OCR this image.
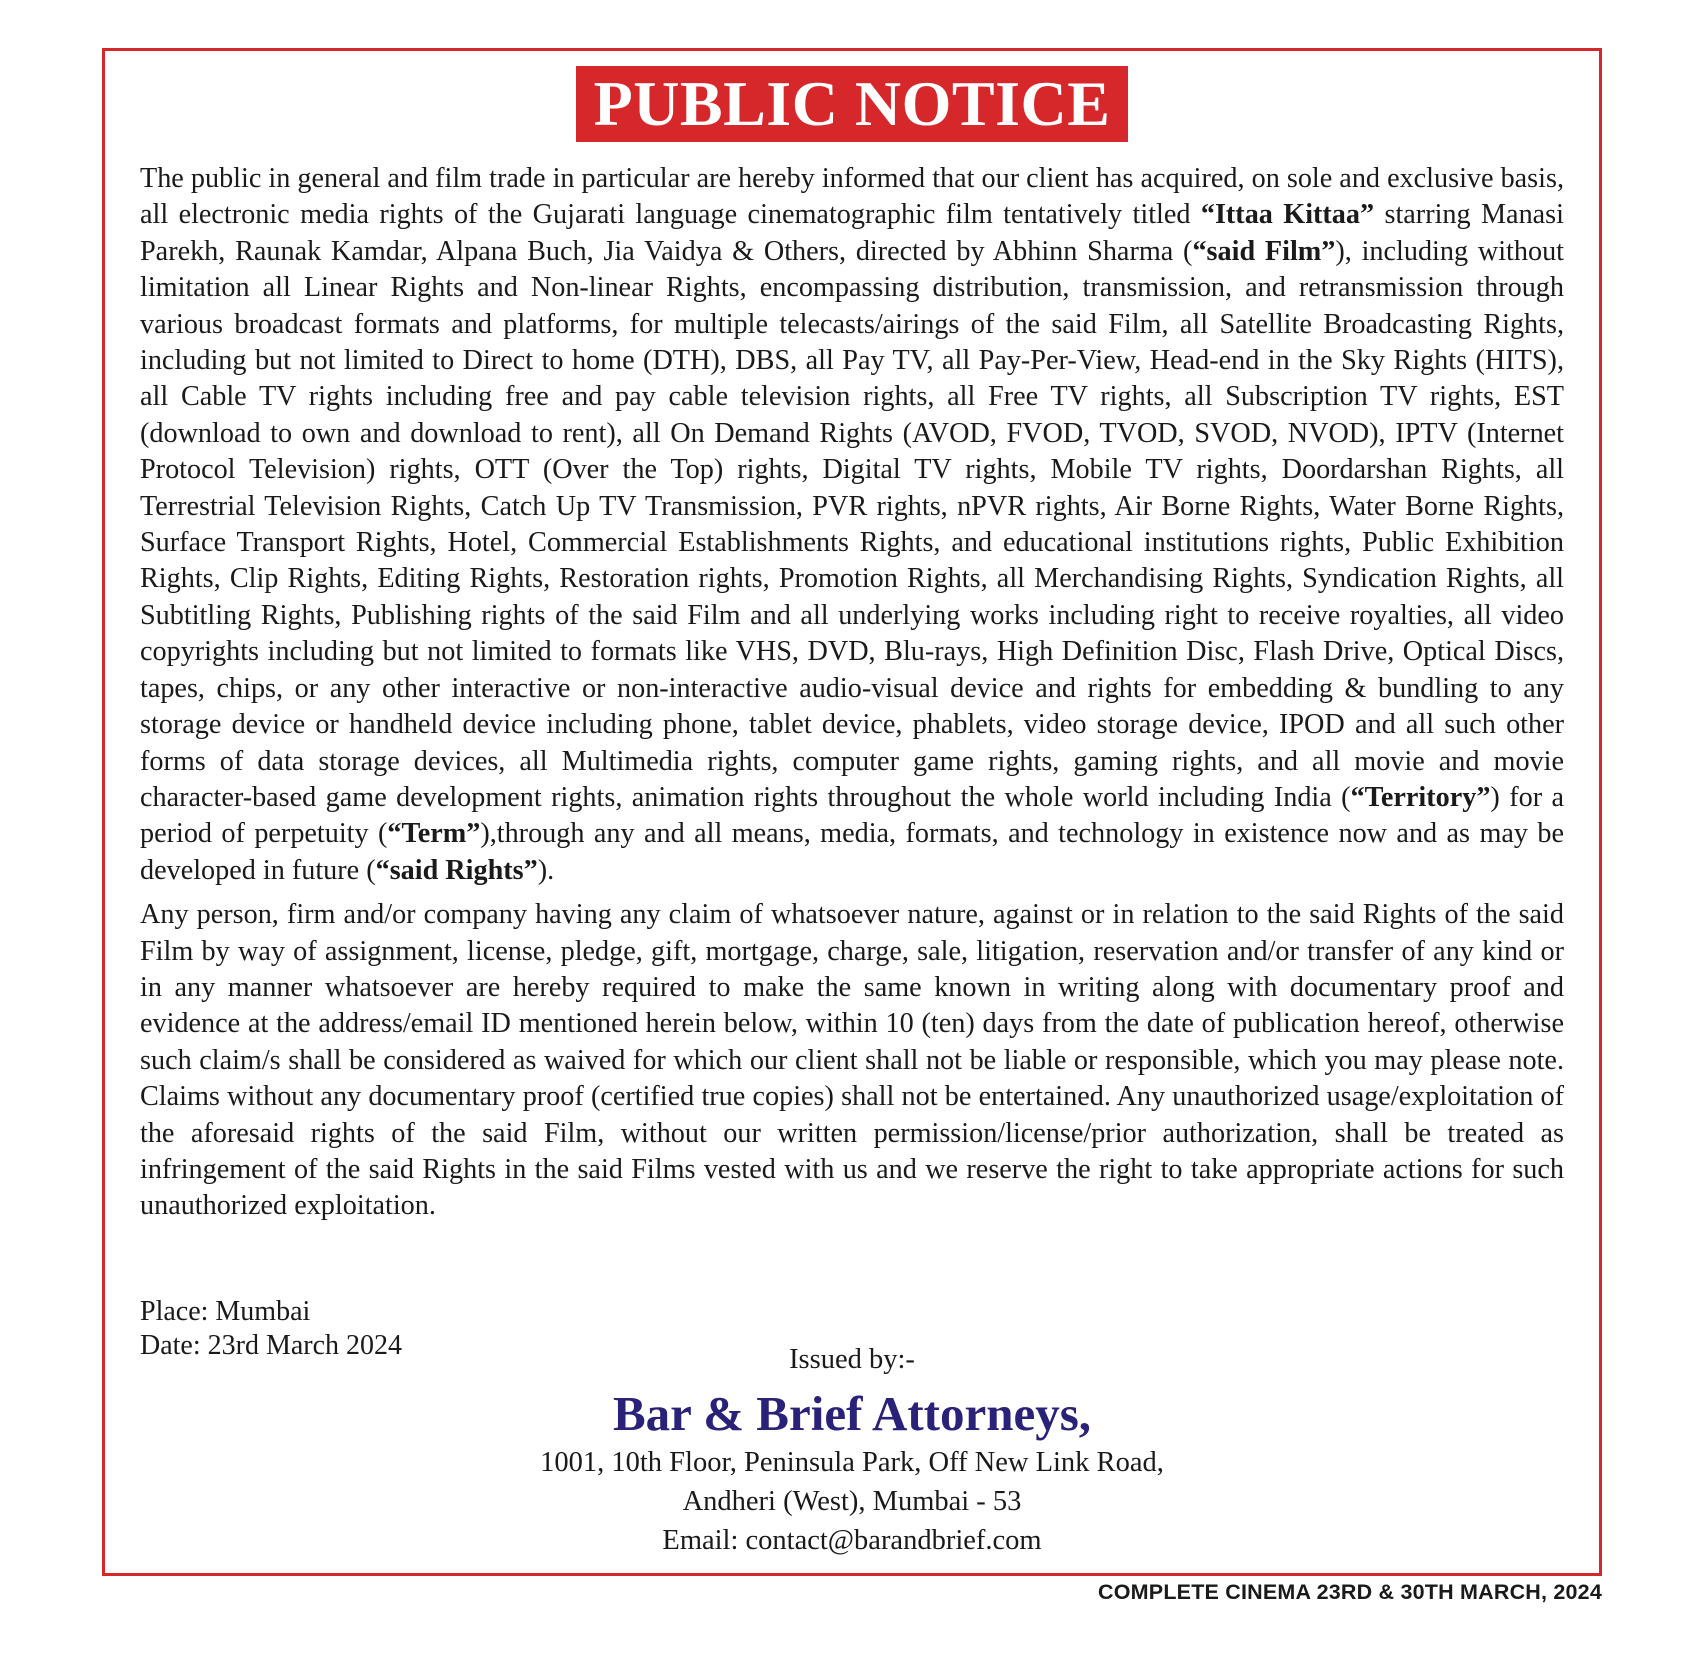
PUBLIC NOTICE

The public in general and film trade in particular are hereby informed that our client has acquired, on sole and exclusive basis, all electronic media rights of the Gujarati language cinematographic film tentatively titled “Ittaa Kittaa” starring Manasi Parekh, Raunak Kamdar, Alpana Buch, Jia Vaidya & Others, directed by Abhinn Sharma (“said Film”), including without limitation all Linear Rights and Non-linear Rights, encompassing distribution, transmission, and retransmission through various broadcast formats and platforms, for multiple telecasts/airings of the said Film, all Satellite Broadcasting Rights, including but not limited to Direct to home (DTH), DBS, all Pay TV, all Pay-Per-View, Head-end in the Sky Rights (HITS), all Cable TV rights including free and pay cable television rights, all Free TV rights, all Subscription TV rights, EST (download to own and download to rent), all On Demand Rights (AVOD, FVOD, TVOD, SVOD, NVOD), IPTV (Internet Protocol Television) rights, OTT (Over the Top) rights, Digital TV rights, Mobile TV rights, Doordarshan Rights, all Terrestrial Television Rights, Catch Up TV Transmission, PVR rights, nPVR rights, Air Borne Rights, Water Borne Rights, Surface Transport Rights, Hotel, Commercial Establishments Rights, and educational institutions rights, Public Exhibition Rights, Clip Rights, Editing Rights, Restoration rights, Promotion Rights, all Merchandising Rights, Syndication Rights, all Subtitling Rights, Publishing rights of the said Film and all underlying works including right to receive royalties, all video copyrights including but not limited to formats like VHS, DVD, Blu-rays, High Definition Disc, Flash Drive, Optical Discs, tapes, chips, or any other interactive or non-interactive audio-visual device and rights for embedding & bundling to any storage device or handheld device including phone, tablet device, phablets, video storage device, IPOD and all such other forms of data storage devices, all Multimedia rights, computer game rights, gaming rights, and all movie and movie character-based game development rights, animation rights throughout the whole world including India (“Territory”) for a period of perpetuity (“Term”),through any and all means, media, formats, and technology in existence now and as may be developed in future (“said Rights”).

Any person, firm and/or company having any claim of whatsoever nature, against or in relation to the said Rights of the said Film by way of assignment, license, pledge, gift, mortgage, charge, sale, litigation, reservation and/or transfer of any kind or in any manner whatsoever are hereby required to make the same known in writing along with documentary proof and evidence at the address/email ID mentioned herein below, within 10 (ten) days from the date of publication hereof, otherwise such claim/s shall be considered as waived for which our client shall not be liable or responsible, which you may please note. Claims without any documentary proof (certified true copies) shall not be entertained. Any unauthorized usage/exploitation of the aforesaid rights of the said Film, without our written permission/license/prior authorization, shall be treated as infringement of the said Rights in the said Films vested with us and we reserve the right to take appropriate actions for such unauthorized exploitation.

Place: Mumbai
Date: 23rd March 2024	Issued by:-
Bar & Brief Attorneys,
1001, 10th Floor, Peninsula Park, Off New Link Road,
Andheri (West), Mumbai - 53
Email: contact@barandbrief.com
COMPLETE CINEMA 23RD & 30TH MARCH, 2024
